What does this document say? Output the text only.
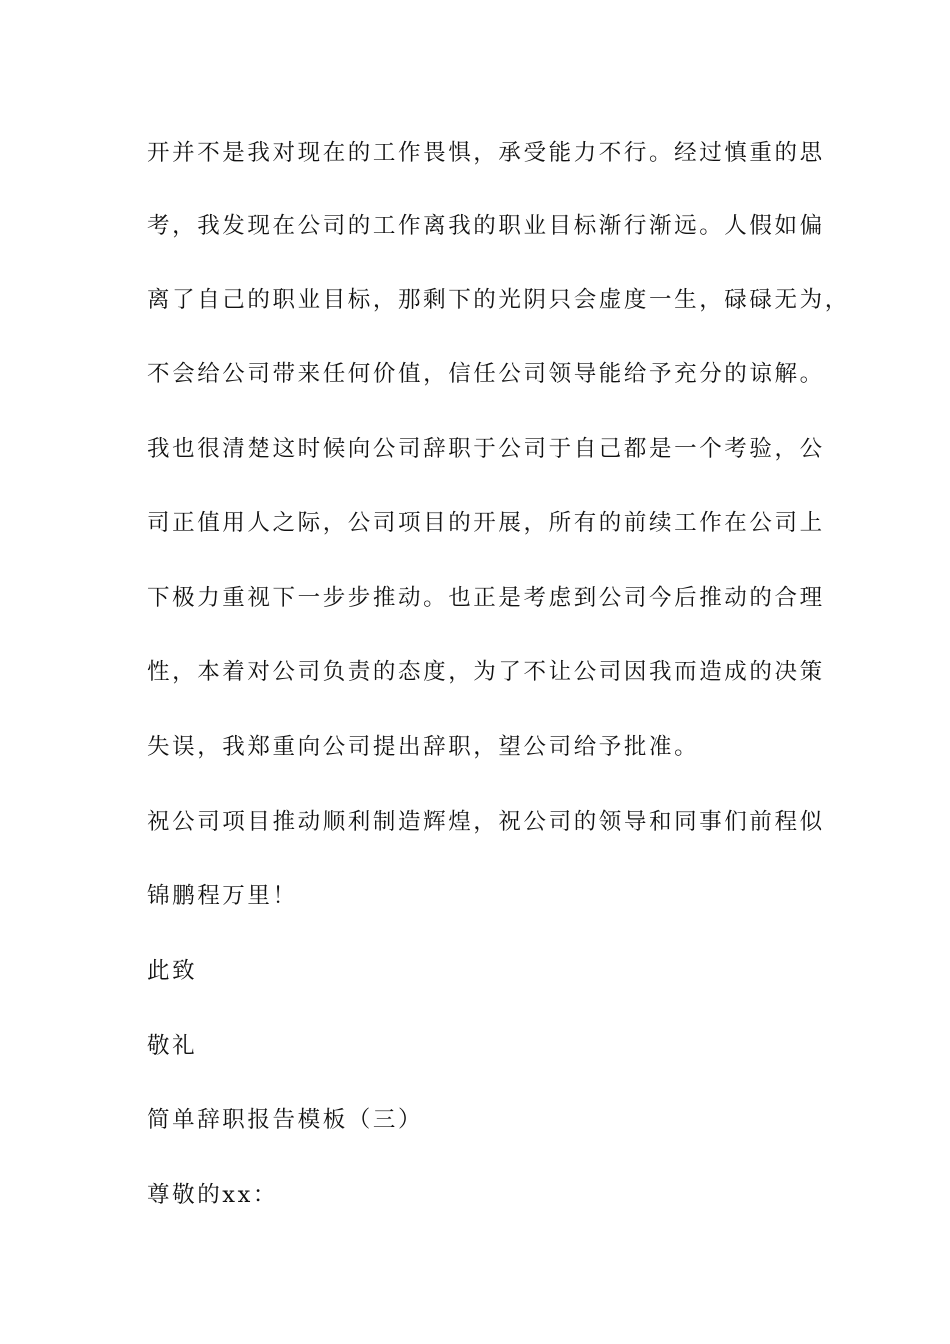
开并不是我对现在的工作畏惧，承受能力不行。经过慎重的思
考，我发现在公司的工作离我的职业目标渐行渐远。人假如偏
离了自己的职业目标，那剩下的光阴只会虚度一生，碌碌无为，
不会给公司带来任何价值，信任公司领导能给予充分的谅解。
我也很清楚这时候向公司辞职于公司于自己都是一个考验，公
司正值用人之际，公司项目的开展，所有的前续工作在公司上
下极力重视下一步步推动。也正是考虑到公司今后推动的合理
性，本着对公司负责的态度，为了不让公司因我而造成的决策
失误，我郑重向公司提出辞职，望公司给予批准。
祝公司项目推动顺利制造辉煌，祝公司的领导和同事们前程似
锦鹏程万里！
此致
敬礼
简单辞职报告模板（三）
尊敬的xx：
